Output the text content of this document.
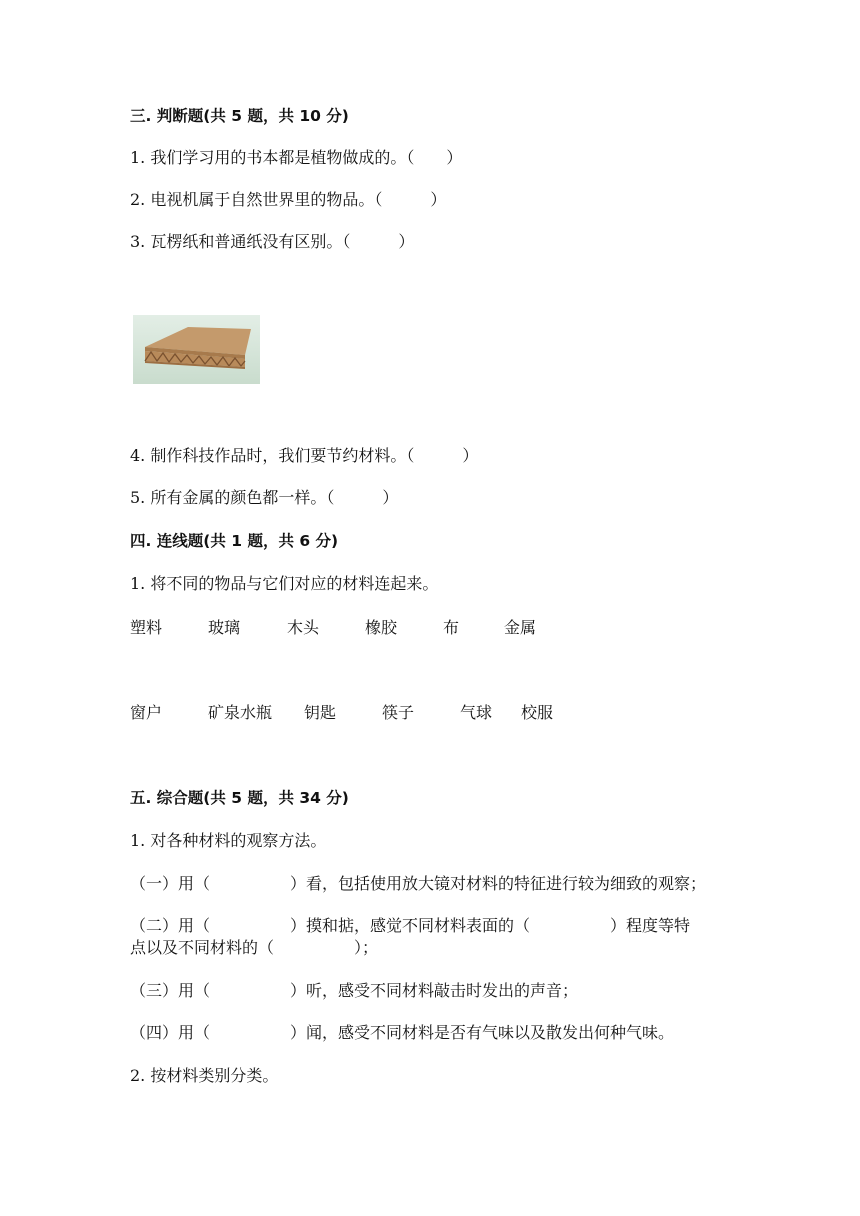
三. 判断题(共 5 题，共 10 分)
1. 我们学习用的书本都是植物做成的。（　　）
2. 电视机属于自然世界里的物品。（　　　）
3. 瓦楞纸和普通纸没有区别。（　　　）
4. 制作科技作品时，我们要节约材料。（　　　）
5. 所有金属的颜色都一样。（　　　）
四. 连线题(共 1 题，共 6 分)
1. 将不同的物品与它们对应的材料连起来。
塑料	玻璃	木头	橡胶	布	金属
窗户	矿泉水瓶 钥匙	筷子	气球 校服
五. 综合题(共 5 题，共 34 分)
1. 对各种材料的观察方法。
（一）用（　　　　　）看，包括使用放大镜对材料的特征进行较为细致的观察；
（二）用（　　　　　）摸和掂，感觉不同材料表面的（　　　　　）程度等特
点以及不同材料的（　　　　　）；
（三）用（　　　　　）听，感受不同材料敲击时发出的声音；
（四）用（　　　　　）闻，感受不同材料是否有气味以及散发出何种气味。
2. 按材料类别分类。
